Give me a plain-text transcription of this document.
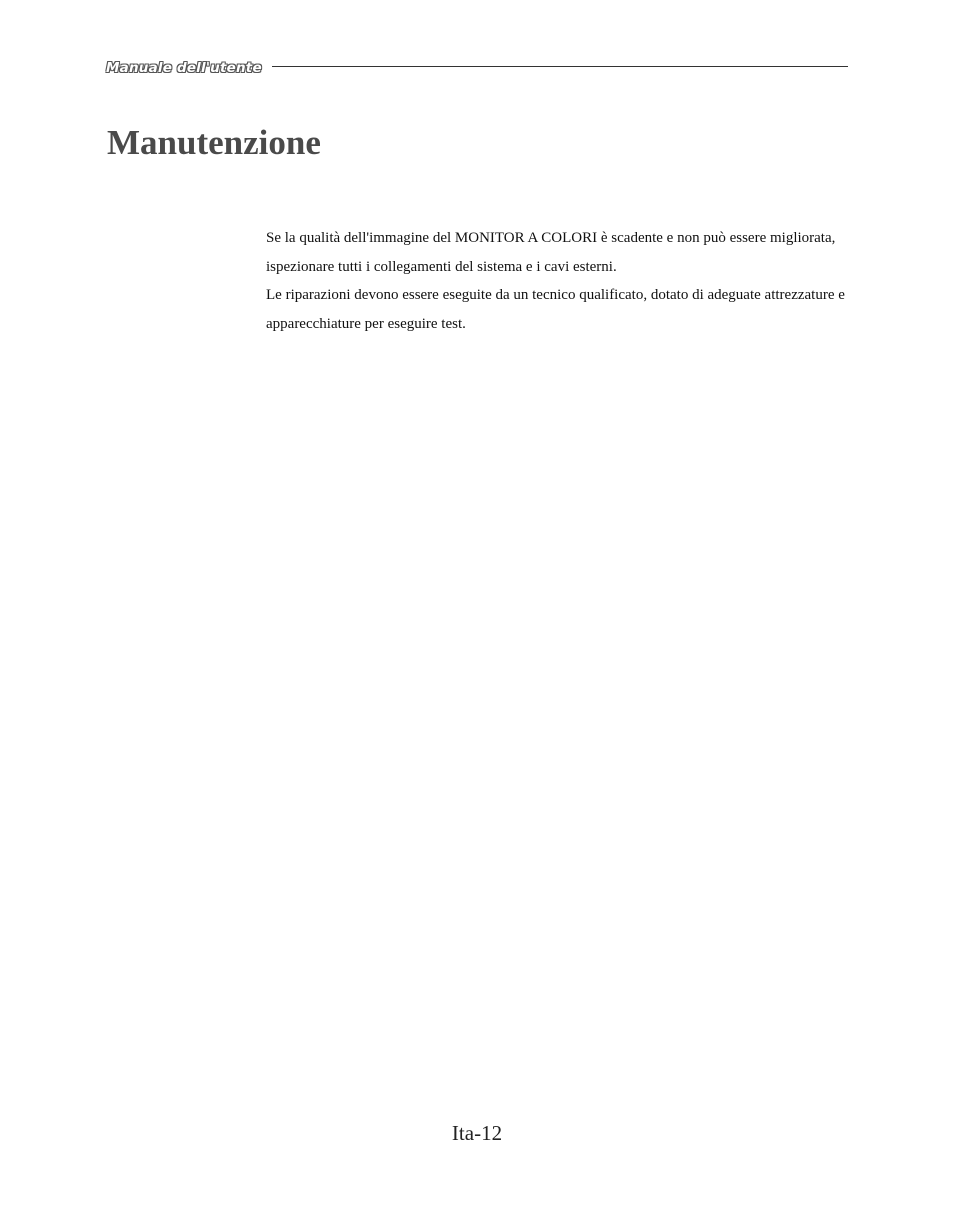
Manuale dell'utente
Manutenzione

Se la qualità dell'immagine del MONITOR A COLORI è scadente e non può essere migliorata, ispezionare tutti i collegamenti del sistema e i cavi esterni.

Le riparazioni devono essere eseguite da un tecnico qualificato, dotato di adeguate attrezzature e apparecchiature per eseguire test.

Ita-12
